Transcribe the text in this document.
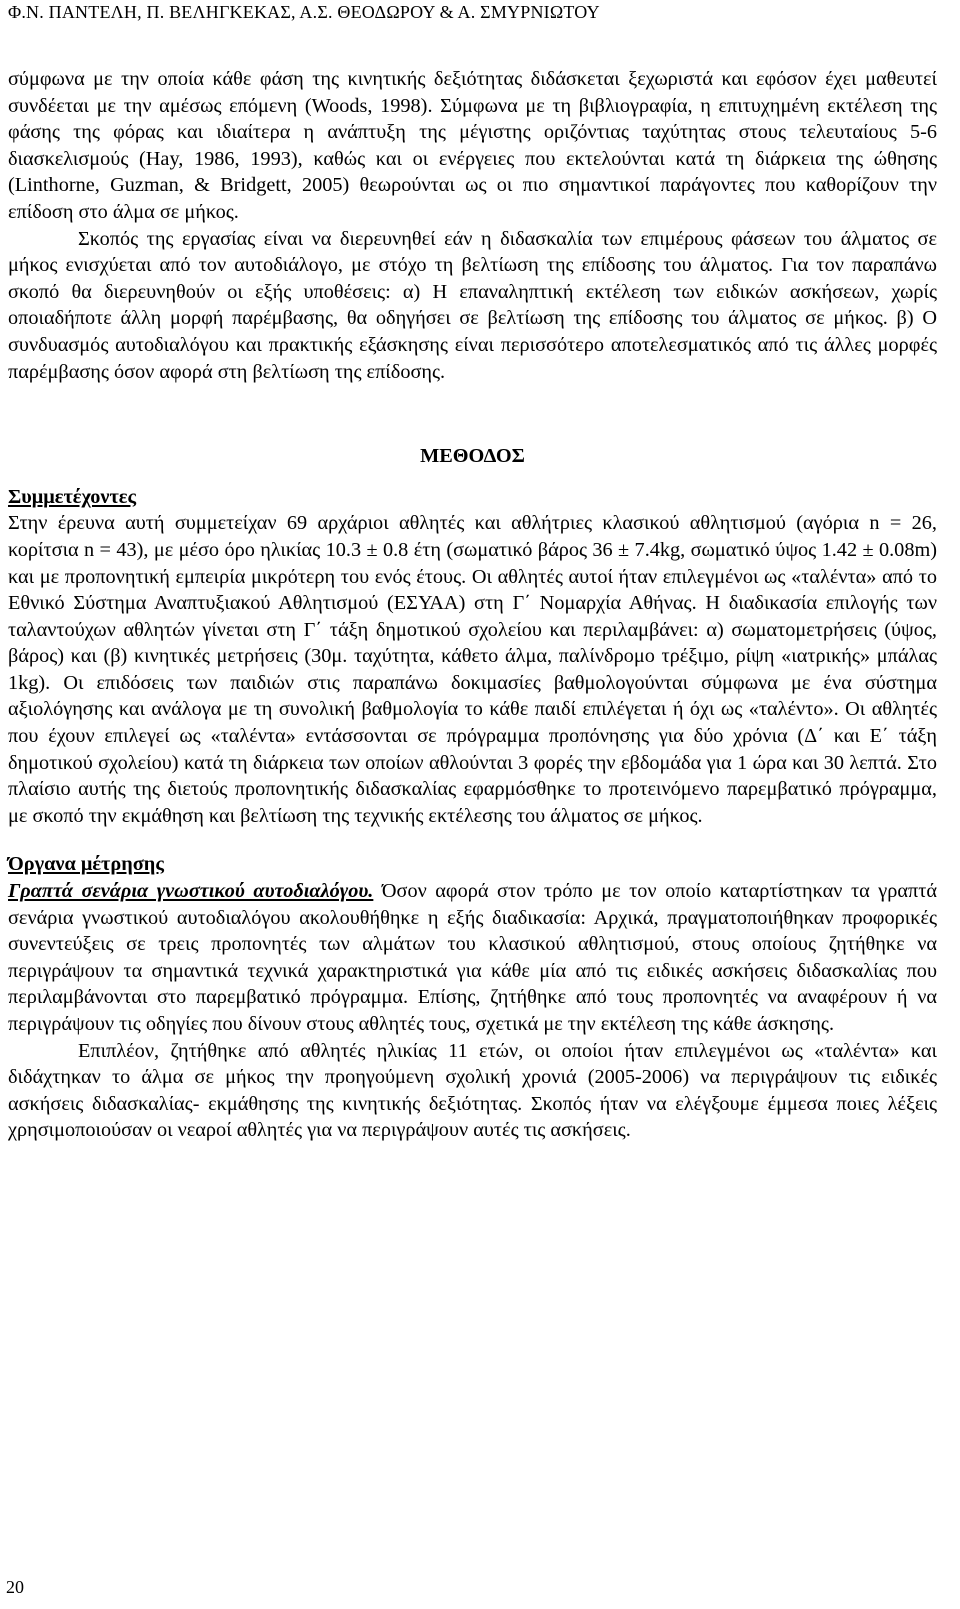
Φ.Ν. ΠΑΝΤΕΛΗ, Π. ΒΕΛΗΓΚΕΚΑΣ, Α.Σ. ΘΕΟΔΩΡΟΥ & Α. ΣΜΥΡΝΙΩΤΟΥ

σύμφωνα με την οποία κάθε φάση της κινητικής δεξιότητας διδάσκεται ξεχωριστά και εφόσον έχει μαθευτεί συνδέεται με την αμέσως επόμενη (Woods, 1998). Σύμφωνα με τη βιβλιογραφία, η επιτυχημένη εκτέλεση της φάσης της φόρας και ιδιαίτερα η ανάπτυξη της μέγιστης οριζόντιας ταχύτητας στους τελευταίους 5-6 διασκελισμούς (Hay, 1986, 1993), καθώς και οι ενέργειες που εκτελούνται κατά τη διάρκεια της ώθησης (Linthorne, Guzman, & Bridgett, 2005) θεωρούνται ως οι πιο σημαντικοί παράγοντες που καθορίζουν την επίδοση στο άλμα σε μήκος.

Σκοπός της εργασίας είναι να διερευνηθεί εάν η διδασκαλία των επιμέρους φάσεων του άλματος σε μήκος ενισχύεται από τον αυτοδιάλογο, με στόχο τη βελτίωση της επίδοσης του άλματος. Για τον παραπάνω σκοπό θα διερευνηθούν οι εξής υποθέσεις: α) Η επαναληπτική εκτέλεση των ειδικών ασκήσεων, χωρίς οποιαδήποτε άλλη μορφή παρέμβασης, θα οδηγήσει σε βελτίωση της επίδοσης του άλματος σε μήκος. β) Ο συνδυασμός αυτοδιαλόγου και πρακτικής εξάσκησης είναι περισσότερο αποτελεσματικός από τις άλλες μορφές παρέμβασης όσον αφορά στη βελτίωση της επίδοσης.

ΜΕΘΟΔΟΣ

Συμμετέχοντες

Στην έρευνα αυτή συμμετείχαν 69 αρχάριοι αθλητές και αθλήτριες κλασικού αθλητισμού (αγόρια n = 26, κορίτσια n = 43), με μέσο όρο ηλικίας 10.3 ± 0.8 έτη (σωματικό βάρος 36 ± 7.4kg, σωματικό ύψος 1.42 ± 0.08m) και με προπονητική εμπειρία μικρότερη του ενός έτους. Οι αθλητές αυτοί ήταν επιλεγμένοι ως «ταλέντα» από το Εθνικό Σύστημα Αναπτυξιακού Αθλητισμού (ΕΣΥΑΑ) στη Γ΄ Νομαρχία Αθήνας. Η διαδικασία επιλογής των ταλαντούχων αθλητών γίνεται στη Γ΄ τάξη δημοτικού σχολείου και περιλαμβάνει: α) σωματομετρήσεις (ύψος, βάρος) και (β) κινητικές μετρήσεις (30μ. ταχύτητα, κάθετο άλμα, παλίνδρομο τρέξιμο, ρίψη «ιατρικής» μπάλας 1kg). Οι επιδόσεις των παιδιών στις παραπάνω δοκιμασίες βαθμολογούνται σύμφωνα με ένα σύστημα αξιολόγησης και ανάλογα με τη συνολική βαθμολογία το κάθε παιδί επιλέγεται ή όχι ως «ταλέντο». Οι αθλητές που έχουν επιλεγεί ως «ταλέντα» εντάσσονται σε πρόγραμμα προπόνησης για δύο χρόνια (Δ΄ και Ε΄ τάξη δημοτικού σχολείου) κατά τη διάρκεια των οποίων αθλούνται 3 φορές την εβδομάδα για 1 ώρα και 30 λεπτά. Στο πλαίσιο αυτής της διετούς προπονητικής διδασκαλίας εφαρμόσθηκε το προτεινόμενο παρεμβατικό πρόγραμμα, με σκοπό την εκμάθηση και βελτίωση της τεχνικής εκτέλεσης του άλματος σε μήκος.

Όργανα μέτρησης

Γραπτά σενάρια γνωστικού αυτοδιαλόγου. Όσον αφορά στον τρόπο με τον οποίο καταρτίστηκαν τα γραπτά σενάρια γνωστικού αυτοδιαλόγου ακολουθήθηκε η εξής διαδικασία: Αρχικά, πραγματοποιήθηκαν προφορικές συνεντεύξεις σε τρεις προπονητές των αλμάτων του κλασικού αθλητισμού, στους οποίους ζητήθηκε να περιγράψουν τα σημαντικά τεχνικά χαρακτηριστικά για κάθε μία από τις ειδικές ασκήσεις διδασκαλίας που περιλαμβάνονται στο παρεμβατικό πρόγραμμα. Επίσης, ζητήθηκε από τους προπονητές να αναφέρουν ή να περιγράψουν τις οδηγίες που δίνουν στους αθλητές τους, σχετικά με την εκτέλεση της κάθε άσκησης.

Επιπλέον, ζητήθηκε από αθλητές ηλικίας 11 ετών, οι οποίοι ήταν επιλεγμένοι ως «ταλέντα» και διδάχτηκαν το άλμα σε μήκος την προηγούμενη σχολική χρονιά (2005-2006) να περιγράψουν τις ειδικές ασκήσεις διδασκαλίας- εκμάθησης της κινητικής δεξιότητας. Σκοπός ήταν να ελέγξουμε έμμεσα ποιες λέξεις χρησιμοποιούσαν οι νεαροί αθλητές για να περιγράψουν αυτές τις ασκήσεις.

20
